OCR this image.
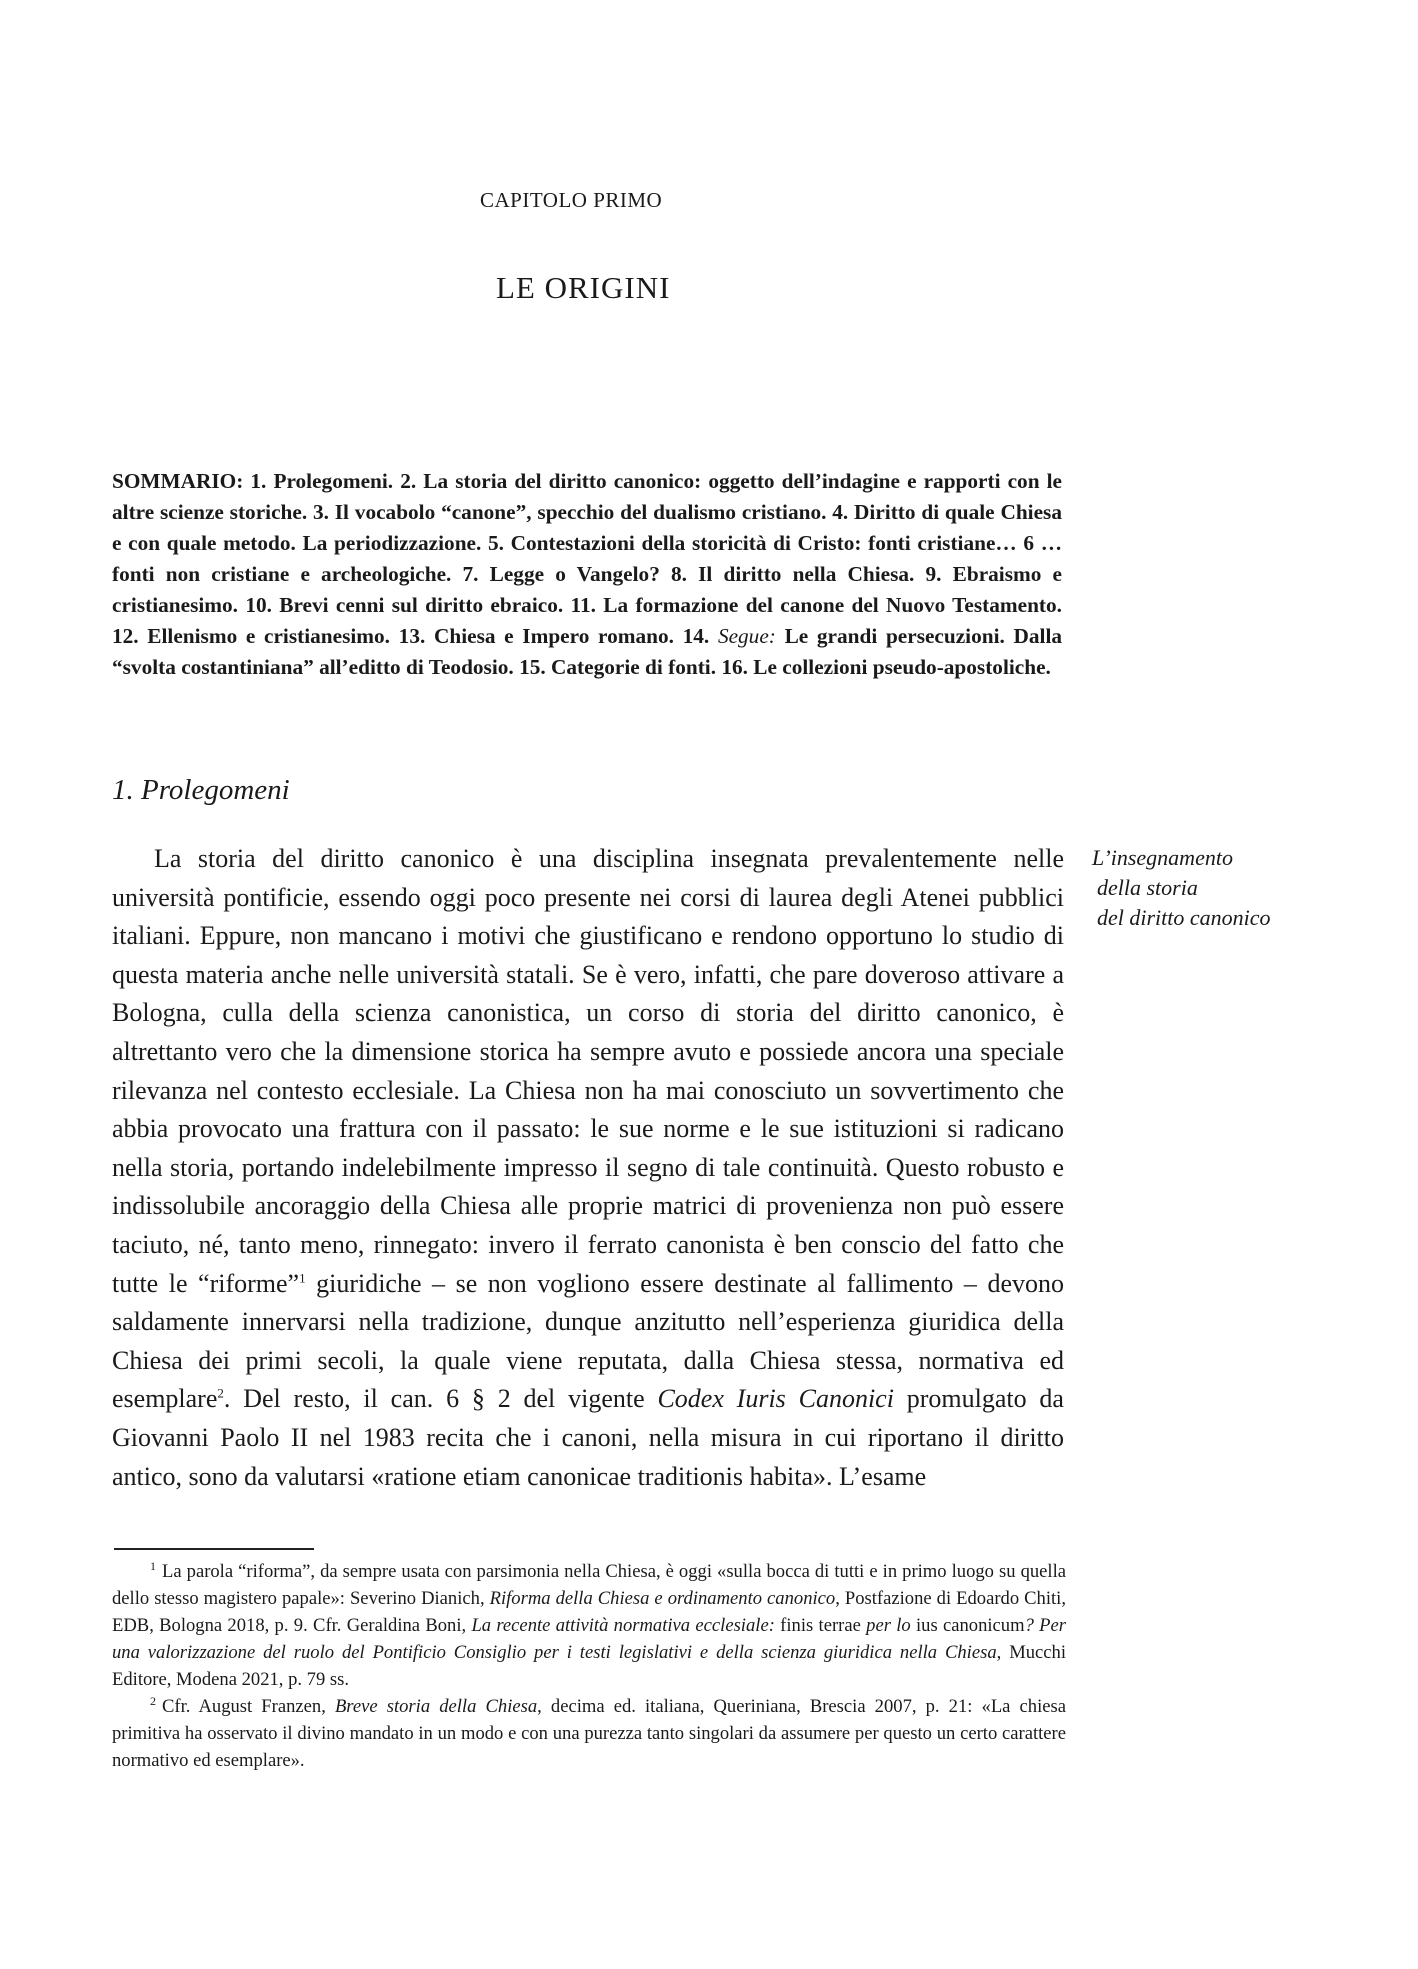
CAPITOLO PRIMO
LE ORIGINI

SOMMARIO: 1. Prolegomeni. 2. La storia del diritto canonico: oggetto dell’indagine e rapporti con le altre scienze storiche. 3. Il vocabolo “canone”, specchio del dualismo cristiano. 4. Diritto di quale Chiesa e con quale metodo. La periodizzazione. 5. Contestazioni della storicità di Cristo: fonti cristiane… 6 … fonti non cristiane e archeologiche. 7. Legge o Vangelo? 8. Il diritto nella Chiesa. 9. Ebraismo e cristianesimo. 10. Brevi cenni sul diritto ebraico. 11. La formazione del canone del Nuovo Testamento. 12. Ellenismo e cristianesimo. 13. Chiesa e Impero romano. 14. Segue: Le grandi persecuzioni. Dalla “svolta costantiniana” all’editto di Teodosio. 15. Categorie di fonti. 16. Le collezioni pseudo-apostoliche.

1. Prolegomeni

La storia del diritto canonico è una disciplina insegnata prevalentemente nelle università pontificie, essendo oggi poco presente nei corsi di laurea degli Atenei pubblici italiani. Eppure, non mancano i motivi che giustificano e rendono opportuno lo studio di questa materia anche nelle università statali. Se è vero, infatti, che pare doveroso attivare a Bologna, culla della scienza canonistica, un corso di storia del diritto canonico, è altrettanto vero che la dimensione storica ha sempre avuto e possiede ancora una speciale rilevanza nel contesto ecclesiale. La Chiesa non ha mai conosciuto un sovvertimento che abbia provocato una frattura con il passato: le sue norme e le sue istituzioni si radicano nella storia, portando indelebilmente impresso il segno di tale continuità. Questo robusto e indissolubile ancoraggio della Chiesa alle proprie matrici di provenienza non può essere taciuto, né, tanto meno, rinnegato: invero il ferrato canonista è ben conscio del fatto che tutte le “riforme”$^1$ giuridiche – se non vogliono essere destinate al fallimento – devono saldamente innervarsi nella tradizione, dunque anzitutto nell’esperienza giuridica della Chiesa dei primi secoli, la quale viene reputata, dalla Chiesa stessa, normativa ed esemplare$^2$. Del resto, il can. 6 § 2 del vigente Codex Iuris Canonici promulgato da Giovanni Paolo II nel 1983 recita che i canoni, nella misura in cui riportano il diritto antico, sono da valutarsi «ratione etiam canonicae traditionis habita». L’esame

L’insegnamento
della storia
del diritto canonico

$^1$ La parola “riforma”, da sempre usata con parsimonia nella Chiesa, è oggi «sulla bocca di tutti e in primo luogo su quella dello stesso magistero papale»: Severino Dianich, Riforma della Chiesa e ordinamento canonico, Postfazione di Edoardo Chiti, EDB, Bologna 2018, p. 9. Cfr. Geraldina Boni, La recente attività normativa ecclesiale: finis terrae per lo ius canonicum? Per una valorizzazione del ruolo del Pontificio Consiglio per i testi legislativi e della scienza giuridica nella Chiesa, Mucchi Editore, Modena 2021, p. 79 ss.

$^2$ Cfr. August Franzen, Breve storia della Chiesa, decima ed. italiana, Queriniana, Brescia 2007, p. 21: «La chiesa primitiva ha osservato il divino mandato in un modo e con una purezza tanto singolari da assumere per questo un certo carattere normativo ed esemplare».
